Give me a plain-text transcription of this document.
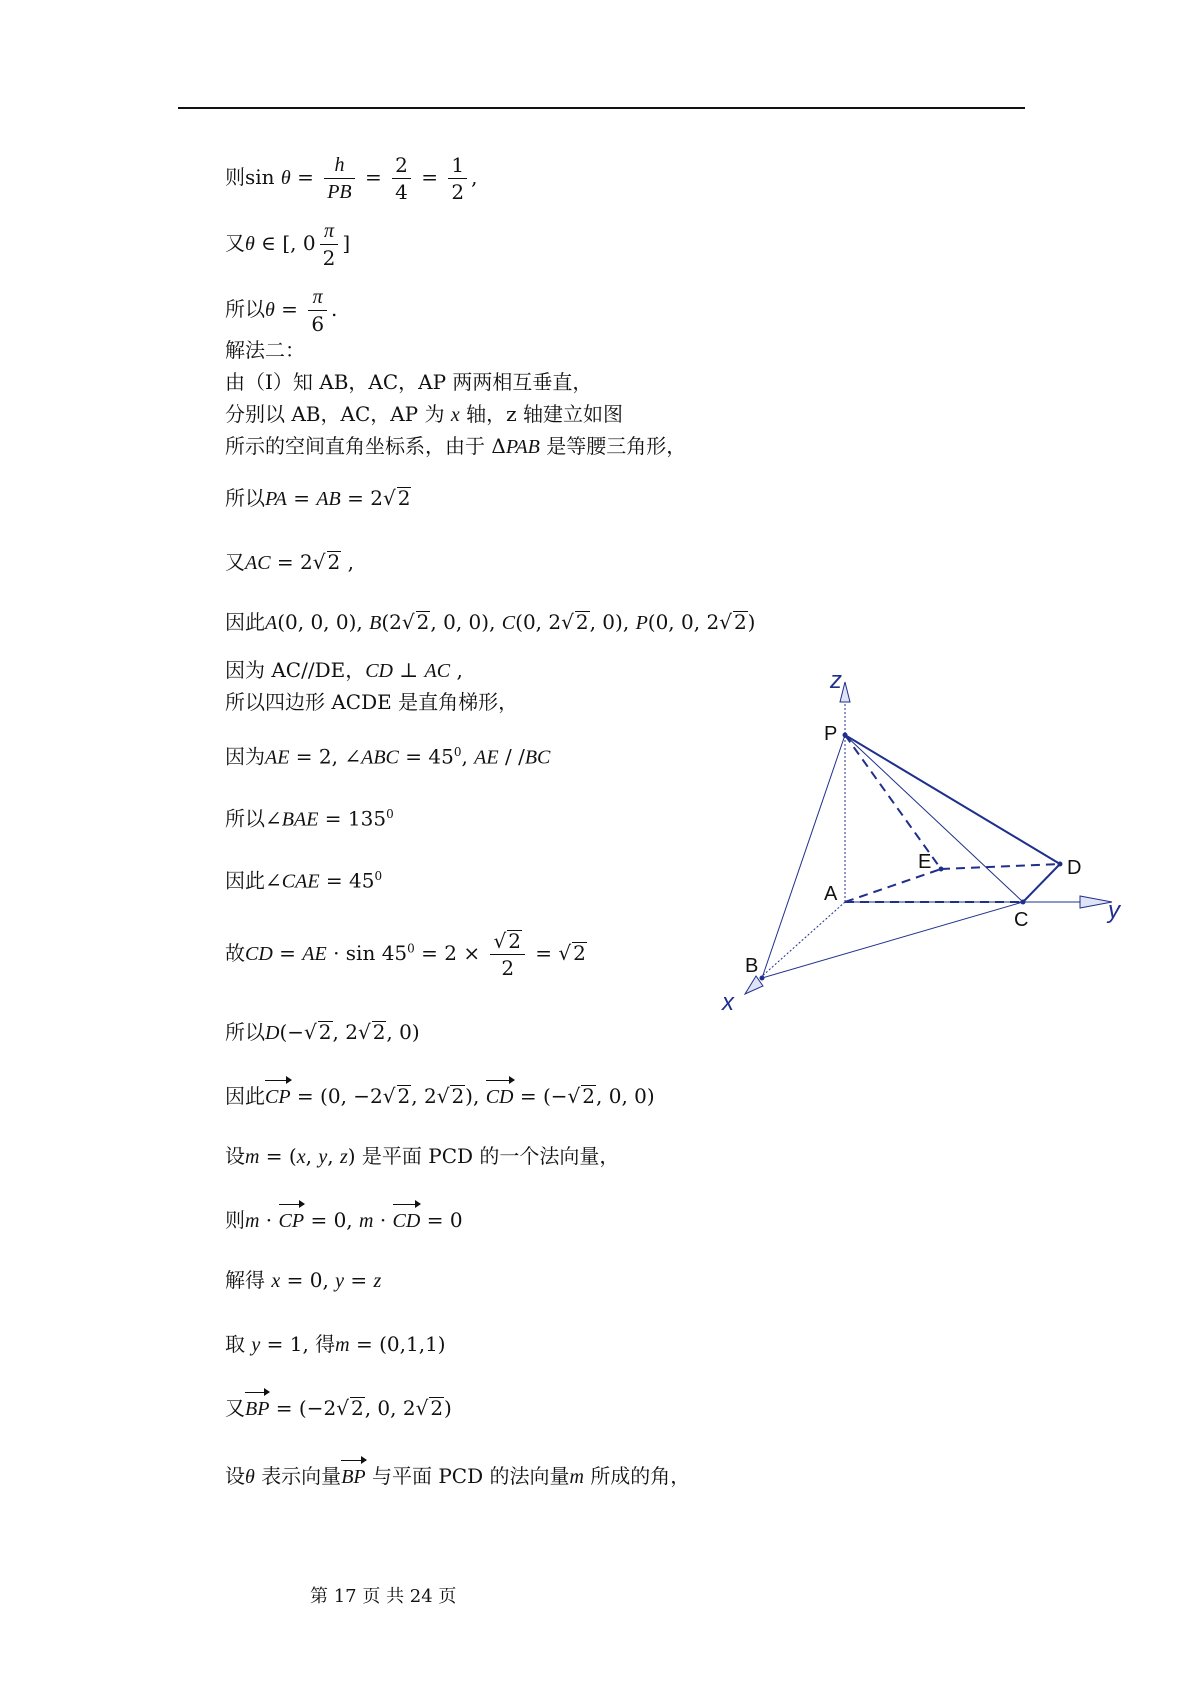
则$\sin \theta = \frac{h}{PB} = \frac{2}{4} = \frac{1}{2}$ ,
又θ ∈ [, $0 \frac{\pi}{2}$ ]
所以$\theta = \frac{\pi}{6}$ .
解法二：
由（Ⅰ）知 AB，AC，AP 两两相互垂直，
分别以 AB，AC，AP 为 x 轴，z 轴建立如图
所示的空间直角坐标系，由于 ΔPAB 是等腰三角形，
所以PA = AB = 2√ 2
又AC = 2√ 2 ,
因此A(0, 0, 0), B(2√ 2, 0, 0), C(0, 2√ 2, 0), P(0, 0, 2√ 2)
因为 AC//DE，CD ⊥ AC ,
所以四边形 ACDE 是直角梯形，
因为AE = 2, ∠ABC = $45^0$, AE / /BC
所以∠BAE = $135^0$
因此∠CAE = $45^0$
故CD = AE · $\sin 45^0 = 2 \times \frac{√ 2}{2}$ = √ 2
所以D(−√ 2, 2√ 2, 0)
因此CP = (0, −2√ 2, 2√ 2), CD = (−√ 2, 0, 0)
设m = (x, y, z) 是平面 PCD 的一个法向量，
则m · CP = 0, m · CD = 0
解得 x = 0, y = z
取 y = 1, 得m = (0,1,1)
又BP = (−2√ 2, 0, 2√ 2)
设θ 表示向量BP 与平面 PCD 的法向量m 所成的角，
P
E	D
A
C
B
z
y
x
第 17 页 共 24 页
